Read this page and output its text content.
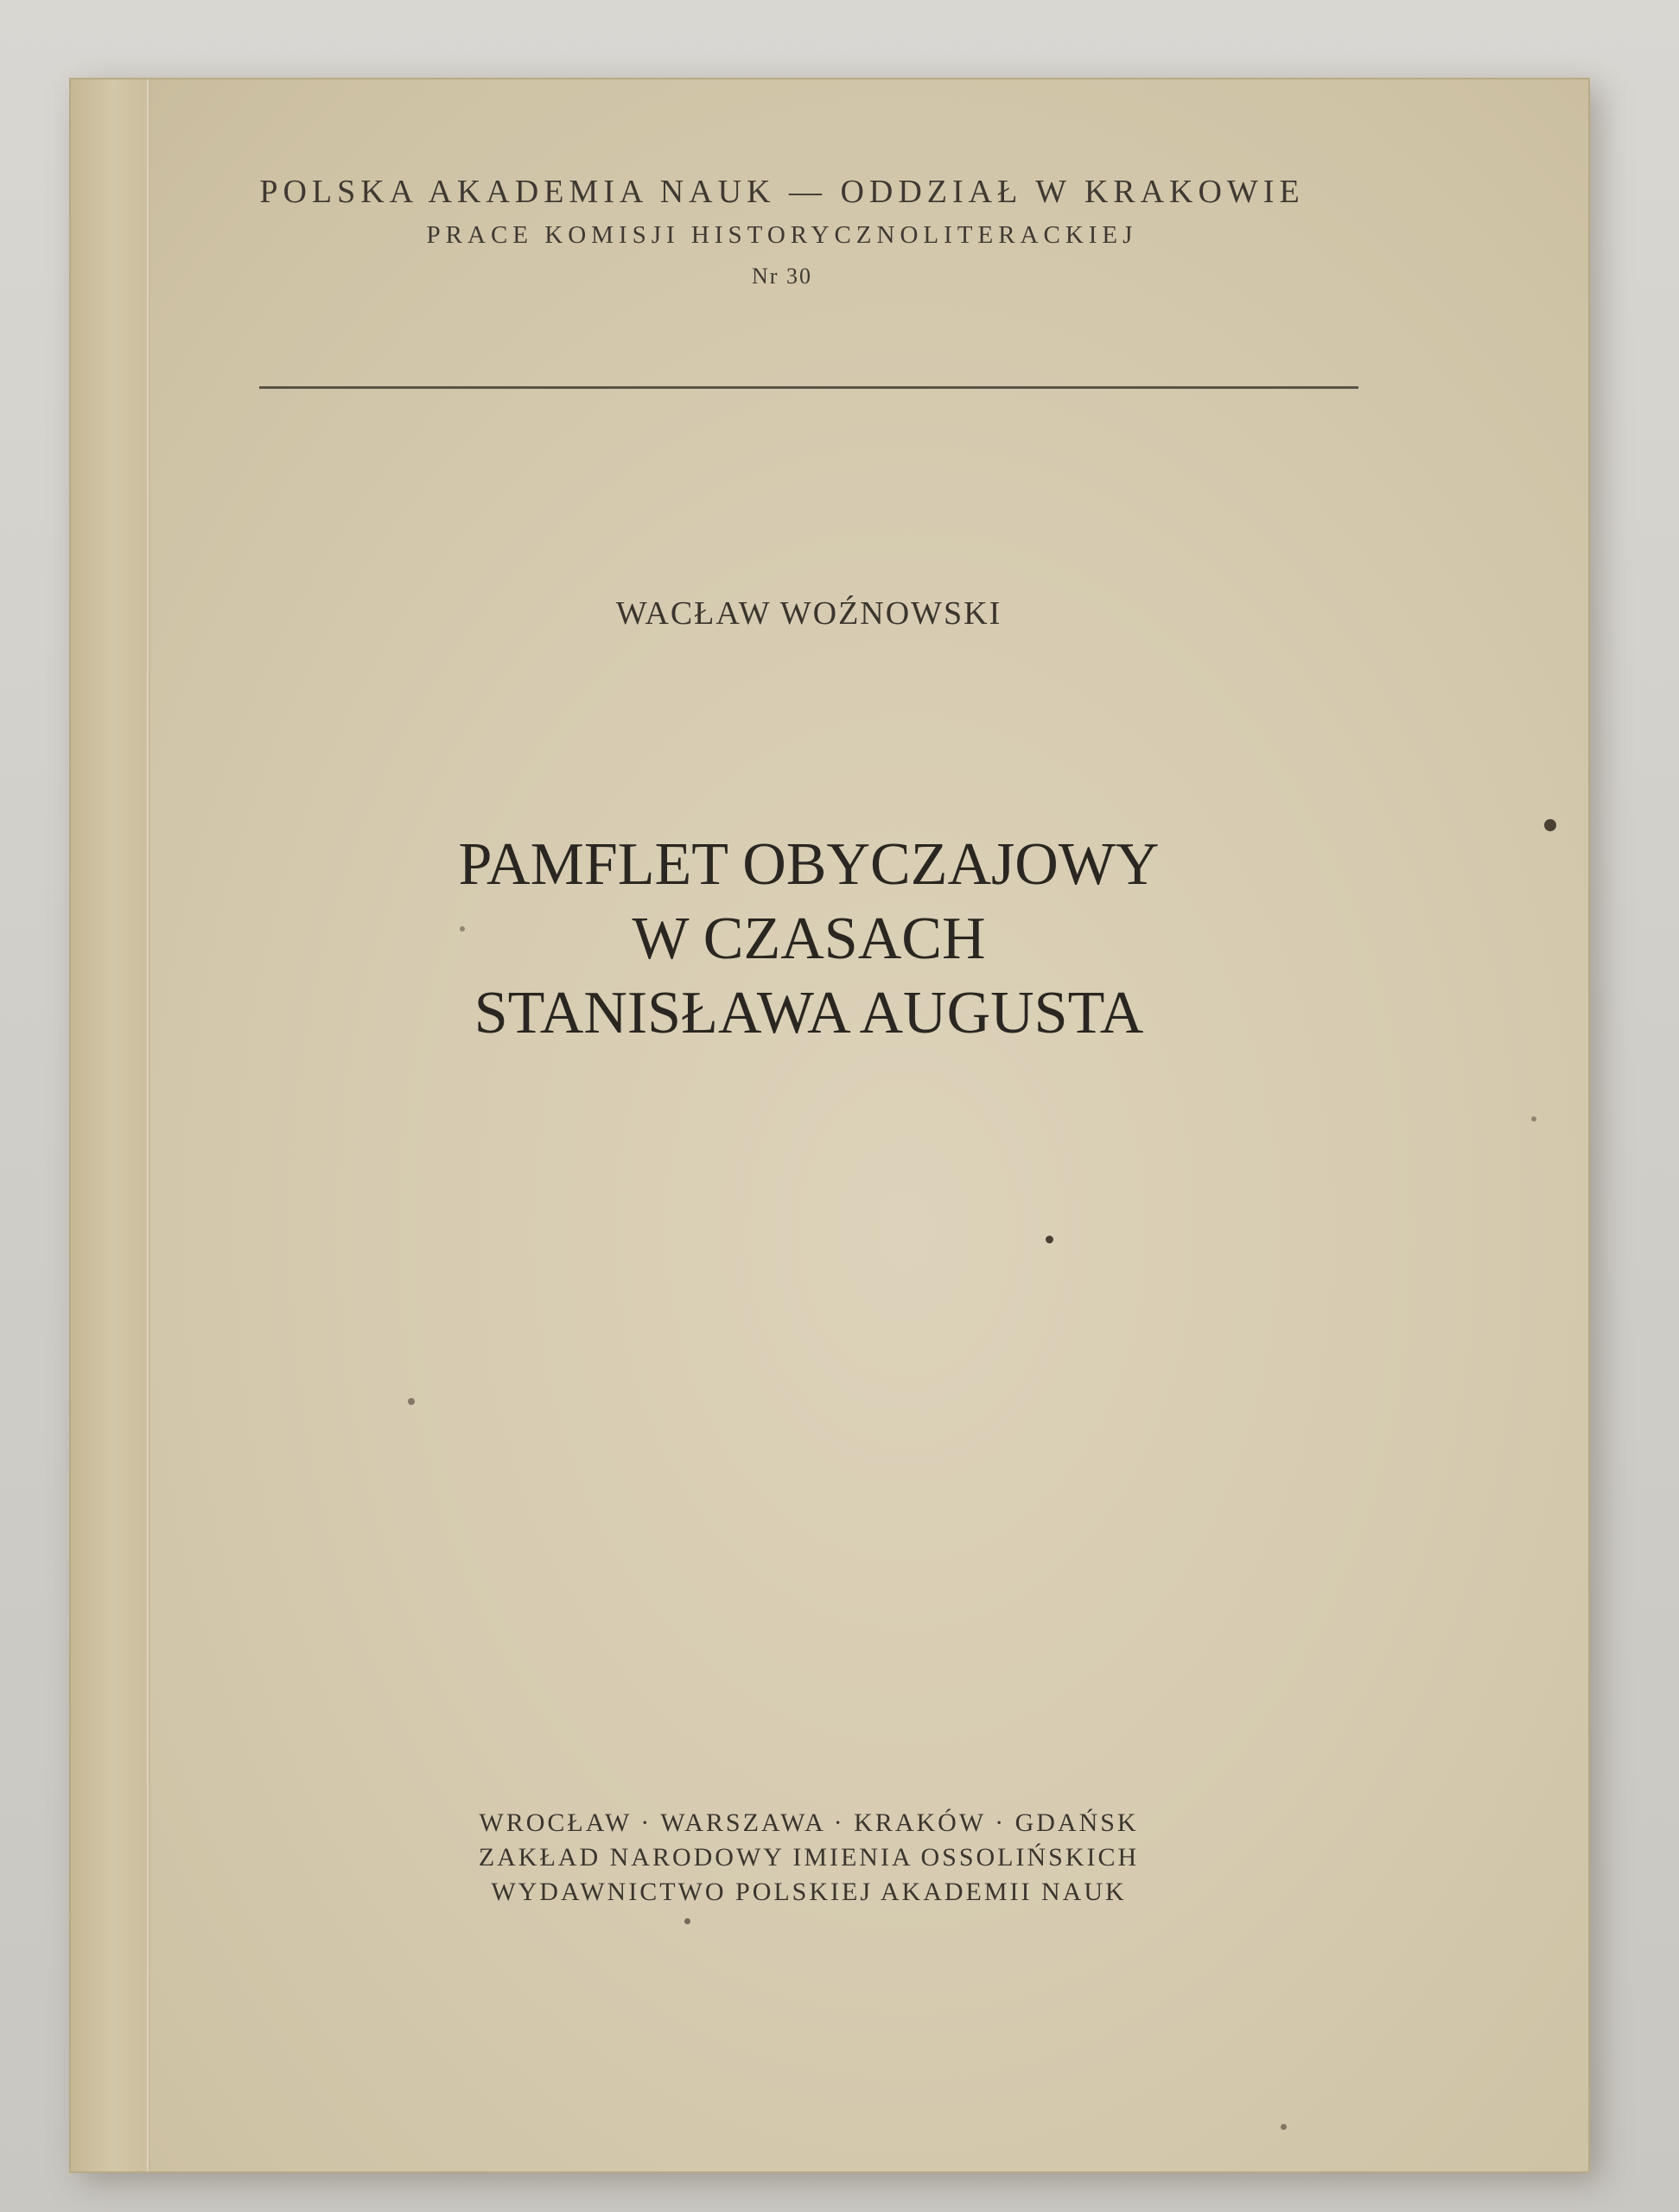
POLSKA AKADEMIA NAUK — ODDZIAŁ W KRAKOWIE
PRACE KOMISJI HISTORYCZNOLITERACKIEJ
Nr 30
WACŁAW WOŹNOWSKI
PAMFLET OBYCZAJOWY
W CZASACH
STANISŁAWA AUGUSTA
WROCŁAW · WARSZAWA · KRAKÓW · GDAŃSK
ZAKŁAD NARODOWY IMIENIA OSSOLIŃSKICH
WYDAWNICTWO POLSKIEJ AKADEMII NAUK
